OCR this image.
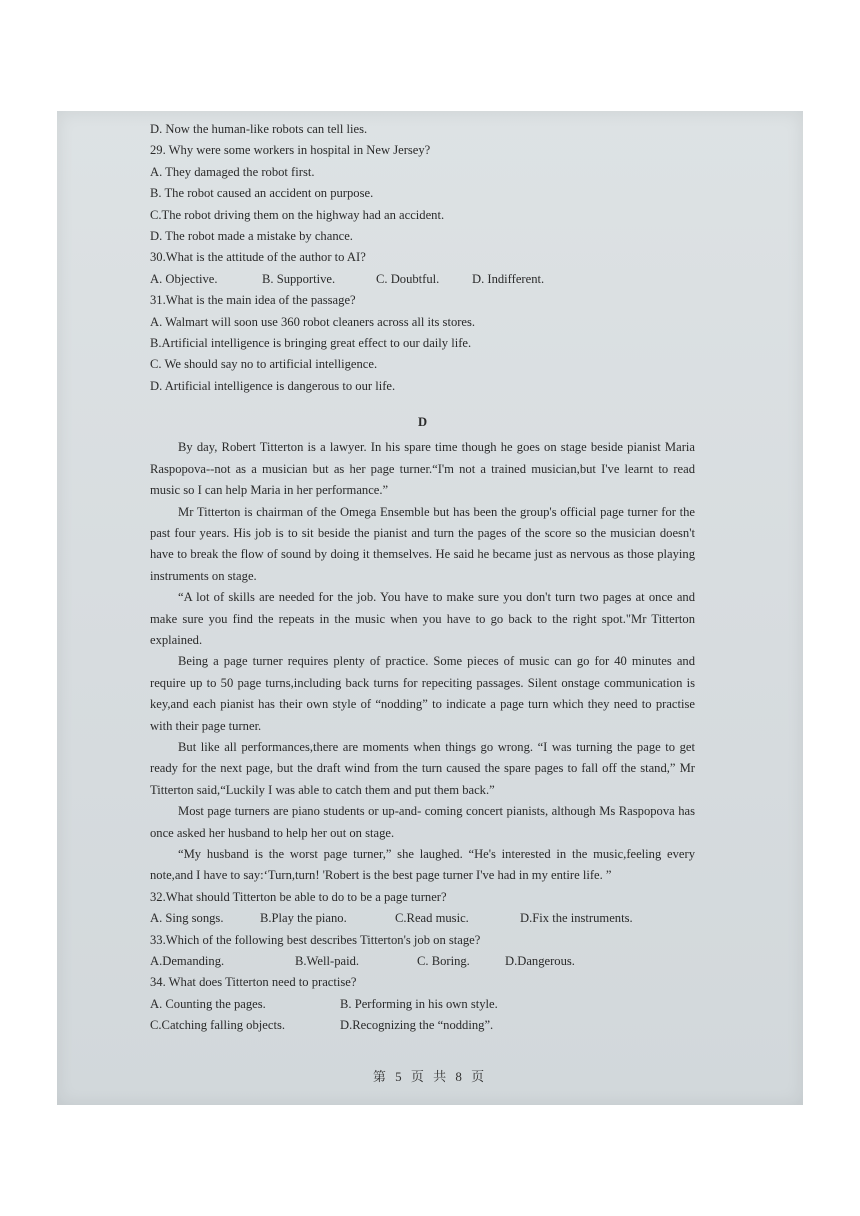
D. Now the human-like robots can tell lies.

29. Why were some workers in hospital in New Jersey?

A. They damaged the robot first.

B. The robot caused an accident on purpose.

C.The robot driving them on the highway had an accident.

D. The robot made a mistake by chance.

30.What is the attitude of the author to AI?

A. Objective.	B. Supportive.	C. Doubtful.	D. Indifferent.

31.What is the main idea of the passage?

A. Walmart will soon use 360 robot cleaners across all its stores.

B.Artificial intelligence is bringing great effect to our daily life.

C. We should say no to artificial intelligence.

D. Artificial intelligence is dangerous to our life.

D

By day, Robert Titterton is a lawyer. In his spare time though he goes on stage beside pianist Maria Raspopova--not as a musician but as her page turner.“I'm not a trained musician,but I've learnt to read music so I can help Maria in her performance.”

Mr Titterton is chairman of the Omega Ensemble but has been the group's official page turner for the past four years. His job is to sit beside the pianist and turn the pages of the score so the musician doesn't have to break the flow of sound by doing it themselves. He said he became just as nervous as those playing instruments on stage.

“A lot of skills are needed for the job. You have to make sure you don't turn two pages at once and make sure you find the repeats in the music when you have to go back to the right spot."Mr Titterton explained.

Being a page turner requires plenty of practice. Some pieces of music can go for 40 minutes and require up to 50 page turns,including back turns for repeciting passages. Silent onstage communication is key,and each pianist has their own style of “nodding” to indicate a page turn which they need to practise with their page turner.

But like all performances,there are moments when things go wrong. “I was turning the page to get ready for the next page, but the draft wind from the turn caused the spare pages to fall off the stand,” Mr Titterton said,“Luckily I was able to catch them and put them back.”

Most page turners are piano students or up-and- coming concert pianists, although Ms Raspopova has once asked her husband to help her out on stage.

“My husband is the worst page turner,” she laughed. “He's interested in the music,feeling every note,and I have to say:‘Turn,turn! 'Robert is the best page turner I've had in my entire life. ”

32.What should Titterton be able to do to be a page turner?

A. Sing songs.	B.Play the piano.	C.Read music.	D.Fix the instruments.

33.Which of the following best describes Titterton's job on stage?

A.Demanding.	B.Well-paid.	C. Boring.	D.Dangerous.

34. What does Titterton need to practise?

A. Counting the pages.	B. Performing in his own style.
C.Catching falling objects.	D.Recognizing the “nodding”.
第 5 页 共 8 页
